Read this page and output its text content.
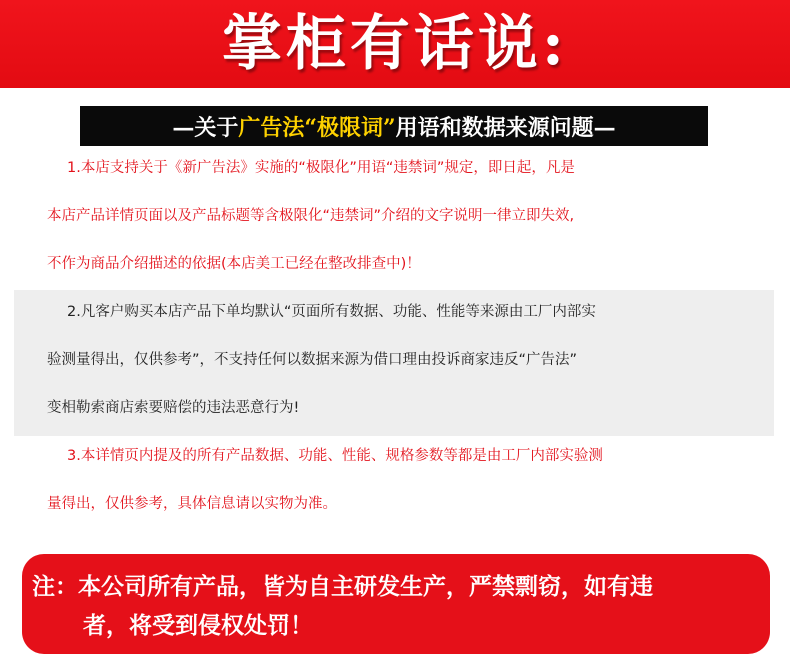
掌柜有话说:
—关于 广告法“极限词” 用语和数据来源问题—
1.本店支持关于《新广告法》实施的“极限化”用语“违禁词”规定，即日起，凡是
本店产品详情页面以及产品标题等含极限化“违禁词”介绍的文字说明一律立即失效,
不作为商品介绍描述的依据(本店美工已经在整改排查中)！
2.凡客户购买本店产品下单均默认“页面所有数据、功能、性能等来源由工厂内部实
验测量得出，仅供参考”，不支持任何以数据来源为借口理由投诉商家违反“广告法”
变相勒索商店索要赔偿的违法恶意行为!
3.本详情页内提及的所有产品数据、功能、性能、规格参数等都是由工厂内部实验测
量得出，仅供参考，具体信息请以实物为准。
注：本公司所有产品，皆为自主研发生产，严禁剽窃，如有违
者，将受到侵权处罚！
